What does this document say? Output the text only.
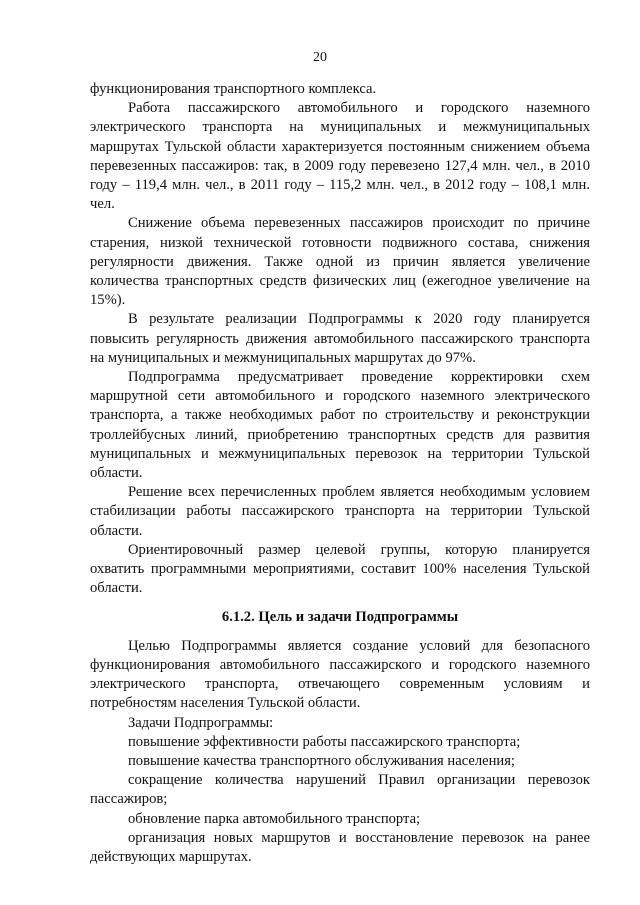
20

функционирования транспортного комплекса.

Работа пассажирского автомобильного и городского наземного электрического транспорта на муниципальных и межмуниципальных маршрутах Тульской области характеризуется постоянным снижением объема перевезенных пассажиров: так, в 2009 году перевезено 127,4 млн. чел., в 2010 году – 119,4 млн. чел., в 2011 году – 115,2 млн. чел., в 2012 году – 108,1 млн. чел.

Снижение объема перевезенных пассажиров происходит по причине старения, низкой технической готовности подвижного состава, снижения регулярности движения. Также одной из причин является увеличение количества транспортных средств физических лиц (ежегодное увеличение на 15%).

В результате реализации Подпрограммы к 2020 году планируется повысить регулярность движения автомобильного пассажирского транспорта на муниципальных и межмуниципальных маршрутах до 97%.

Подпрограмма предусматривает проведение корректировки схем маршрутной сети автомобильного и городского наземного электрического транспорта, а также необходимых работ по строительству и реконструкции троллейбусных линий, приобретению транспортных средств для развития муниципальных и межмуниципальных перевозок на территории Тульской области.

Решение всех перечисленных проблем является необходимым условием стабилизации работы пассажирского транспорта на территории Тульской области.

Ориентировочный размер целевой группы, которую планируется охватить программными мероприятиями, составит 100% населения Тульской области.

6.1.2. Цель и задачи Подпрограммы

Целью Подпрограммы является создание условий для безопасного функционирования автомобильного пассажирского и городского наземного электрического транспорта, отвечающего современным условиям и потребностям населения Тульской области.

Задачи Подпрограммы:

повышение эффективности работы пассажирского транспорта;

повышение качества транспортного обслуживания населения;

сокращение количества нарушений Правил организации перевозок пассажиров;

обновление парка автомобильного транспорта;

организация новых маршрутов и восстановление перевозок на ранее действующих маршрутах.
